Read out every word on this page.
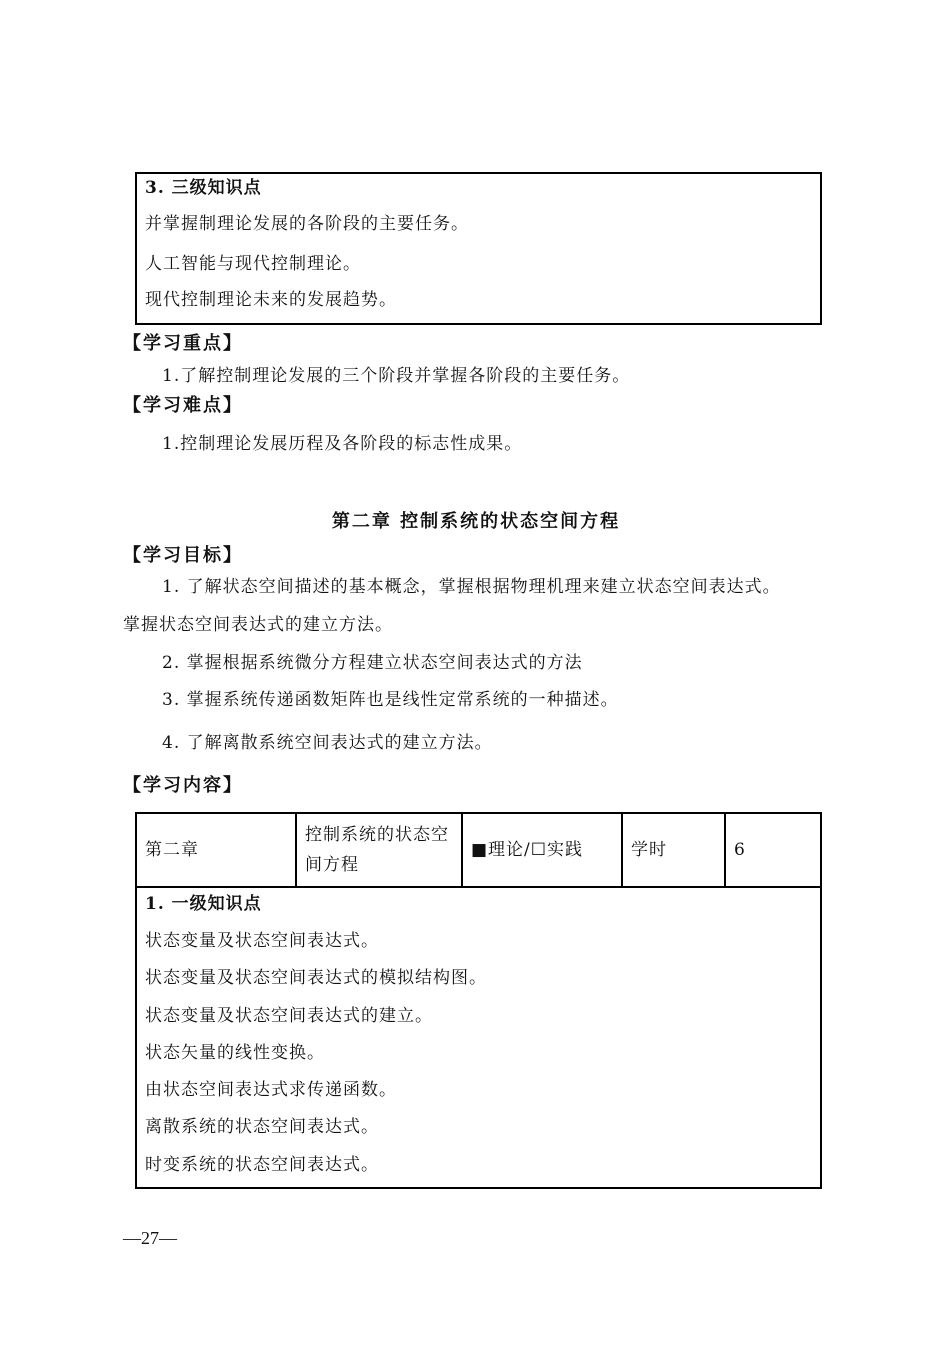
3. 三级知识点
并掌握制理论发展的各阶段的主要任务。
人工智能与现代控制理论。
现代控制理论未来的发展趋势。
【学习重点】
1.了解控制理论发展的三个阶段并掌握各阶段的主要任务。
【学习难点】
1.控制理论发展历程及各阶段的标志性成果。
第二章 控制系统的状态空间方程
【学习目标】
1. 了解状态空间描述的基本概念，掌握根据物理机理来建立状态空间表达式。
掌握状态空间表达式的建立方法。
2. 掌握根据系统微分方程建立状态空间表达式的方法
3. 掌握系统传递函数矩阵也是线性定常系统的一种描述。
4. 了解离散系统空间表达式的建立方法。
【学习内容】
第二章	控制系统的状态空间方程	■理论/☐实践	学时	6
1. 一级知识点
状态变量及状态空间表达式。
状态变量及状态空间表达式的模拟结构图。
状态变量及状态空间表达式的建立。
状态矢量的线性变换。
由状态空间表达式求传递函数。
离散系统的状态空间表达式。
时变系统的状态空间表达式。
—27—
